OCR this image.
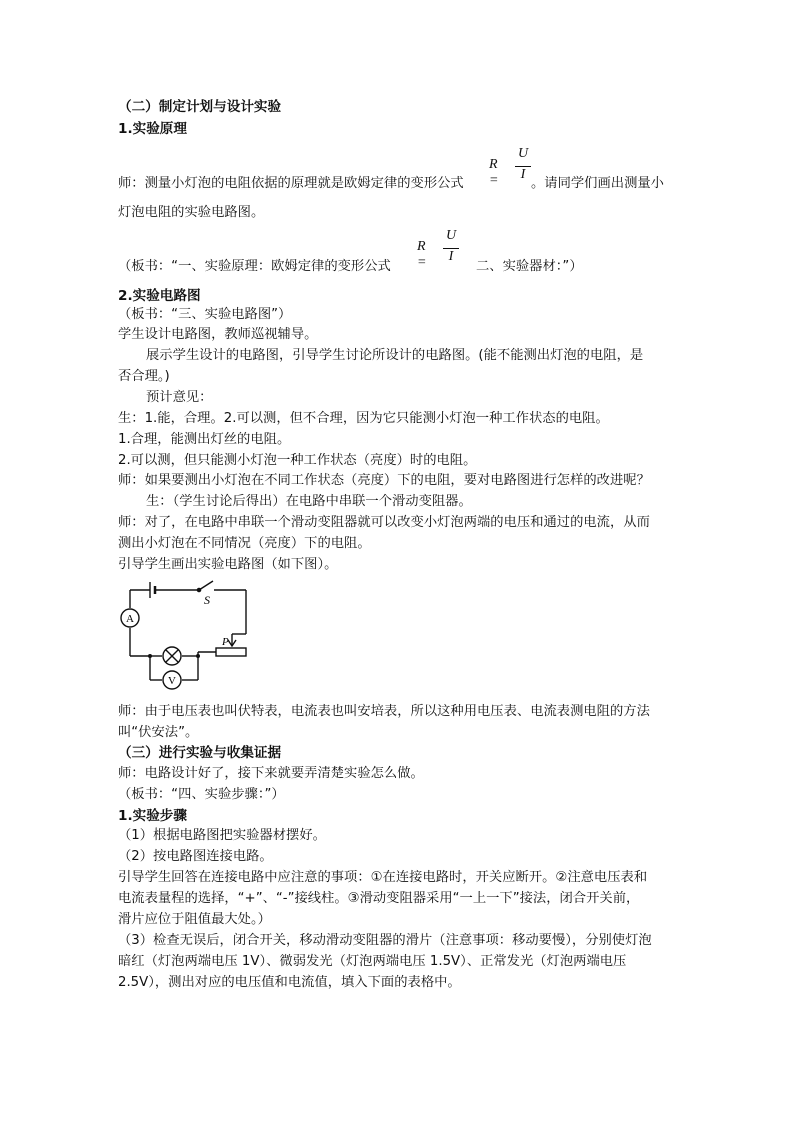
（二）制定计划与设计实验
1.实验原理
R =
U
I
师：测量小灯泡的电阻依据的原理就是欧姆定律的变形公式	。请同学们画出测量小
灯泡电阻的实验电路图。
R =
U
I
（板书：“一、实验原理：欧姆定律的变形公式	二、实验器材：”）
2.实验电路图
（板书：“三、实验电路图”）
学生设计电路图，教师巡视辅导。
展示学生设计的电路图，引导学生讨论所设计的电路图。(能不能测出灯泡的电阻，是
否合理。)
预计意见：
生：1.能，合理。2.可以测，但不合理，因为它只能测小灯泡一种工作状态的电阻。
1.合理，能测出灯丝的电阻。
2.可以测，但只能测小灯泡一种工作状态（亮度）时的电阻。
师：如果要测出小灯泡在不同工作状态（亮度）下的电阻，要对电路图进行怎样的改进呢？
生：（学生讨论后得出）在电路中串联一个滑动变阻器。
师：对了，在电路中串联一个滑动变阻器就可以改变小灯泡两端的电压和通过的电流，从而
测出小灯泡在不同情况（亮度）下的电阻。
引导学生画出实验电路图（如下图）。
A
V
S
P
师：由于电压表也叫伏特表，电流表也叫安培表，所以这种用电压表、电流表测电阻的方法
叫“伏安法”。
（三）进行实验与收集证据
师：电路设计好了，接下来就要弄清楚实验怎么做。
（板书：“四、实验步骤：”）
1.实验步骤
（1）根据电路图把实验器材摆好。
（2）按电路图连接电路。
引导学生回答在连接电路中应注意的事项：①在连接电路时，开关应断开。②注意电压表和
电流表量程的选择，“+”、“-”接线柱。③滑动变阻器采用“一上一下”接法，闭合开关前，
滑片应位于阻值最大处。）
（3）检查无误后，闭合开关，移动滑动变阻器的滑片（注意事项：移动要慢），分别使灯泡
暗红（灯泡两端电压 1V）、微弱发光（灯泡两端电压 1.5V）、正常发光（灯泡两端电压
2.5V），测出对应的电压值和电流值，填入下面的表格中。
